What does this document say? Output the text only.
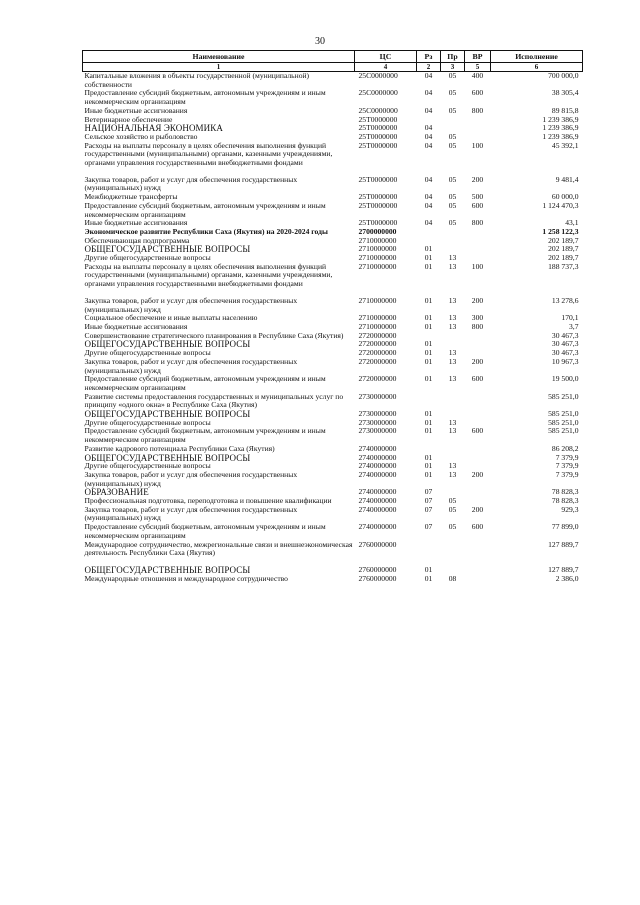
30
Наименование	ЦС	Рз	Пр	ВР	Исполнение
1	4	2	3	5	6
Капитальные вложения в объекты государственной (муниципальной) собственности	25С0000000	04	05	400	700 000,0
Предоставление субсидий бюджетным, автономным учреждениям и иным некоммерческим организациям	25С0000000	04	05	600	38 305,4
Иные бюджетные ассигнования	25С0000000	04	05	800	89 815,8
Ветеринарное обеспечение	25Т0000000				1 239 386,9
НАЦИОНАЛЬНАЯ ЭКОНОМИКА	25Т0000000	04			1 239 386,9
Сельское хозяйство и рыболовство	25Т0000000	04	05		1 239 386,9
Расходы на выплаты персоналу в целях обеспечения выполнения функций государственными (муниципальными) органами, казенными учреждениями, органами управления государственными внебюджетными фондами	25Т0000000	04	05	100	45 392,1

Закупка товаров, работ и услуг для обеспечения государственных (муниципальных) нужд	25Т0000000	04	05	200	9 481,4
Межбюджетные трансферты	25Т0000000	04	05	500	60 000,0
Предоставление субсидий бюджетным, автономным учреждениям и иным некоммерческим организациям	25Т0000000	04	05	600	1 124 470,3
Иные бюджетные ассигнования	25Т0000000	04	05	800	43,1
Экономическое развитие Республики Саха (Якутия) на 2020-2024 годы	2700000000				1 258 122,3
Обеспечивающая подпрограмма	2710000000				202 189,7
ОБЩЕГОСУДАРСТВЕННЫЕ ВОПРОСЫ	2710000000	01			202 189,7
Другие общегосударственные вопросы	2710000000	01	13		202 189,7
Расходы на выплаты персоналу в целях обеспечения выполнения функций государственными (муниципальными) органами, казенными учреждениями, органами управления государственными внебюджетными фондами	2710000000	01	13	100	188 737,3

Закупка товаров, работ и услуг для обеспечения государственных (муниципальных) нужд	2710000000	01	13	200	13 278,6
Социальное обеспечение и иные выплаты населению	2710000000	01	13	300	170,1
Иные бюджетные ассигнования	2710000000	01	13	800	3,7
Совершенствование стратегического планирования в Республике Саха (Якутия)	2720000000				30 467,3
ОБЩЕГОСУДАРСТВЕННЫЕ ВОПРОСЫ	2720000000	01			30 467,3
Другие общегосударственные вопросы	2720000000	01	13		30 467,3
Закупка товаров, работ и услуг для обеспечения государственных (муниципальных) нужд	2720000000	01	13	200	10 967,3
Предоставление субсидий бюджетным, автономным учреждениям и иным некоммерческим организациям	2720000000	01	13	600	19 500,0
Развитие системы предоставления государственных и муниципальных услуг по принципу «одного окна» в Республике Саха (Якутия)	2730000000				585 251,0
ОБЩЕГОСУДАРСТВЕННЫЕ ВОПРОСЫ	2730000000	01			585 251,0
Другие общегосударственные вопросы	2730000000	01	13		585 251,0
Предоставление субсидий бюджетным, автономным учреждениям и иным некоммерческим организациям	2730000000	01	13	600	585 251,0
Развитие кадрового потенциала Республики Саха (Якутия)	2740000000				86 208,2
ОБЩЕГОСУДАРСТВЕННЫЕ ВОПРОСЫ	2740000000	01			7 379,9
Другие общегосударственные вопросы	2740000000	01	13		7 379,9
Закупка товаров, работ и услуг для обеспечения государственных (муниципальных) нужд	2740000000	01	13	200	7 379,9
ОБРАЗОВАНИЕ	2740000000	07			78 828,3
Профессиональная подготовка, переподготовка и повышение квалификации	2740000000	07	05		78 828,3
Закупка товаров, работ и услуг для обеспечения государственных (муниципальных) нужд	2740000000	07	05	200	929,3
Предоставление субсидий бюджетным, автономным учреждениям и иным некоммерческим организациям	2740000000	07	05	600	77 899,0
Международное сотрудничество, межрегиональные связи и внешнеэкономическая деятельность Республики Саха (Якутия)	2760000000				127 889,7

ОБЩЕГОСУДАРСТВЕННЫЕ ВОПРОСЫ	2760000000	01			127 889,7
Международные отношения и международное сотрудничество	2760000000	01	08		2 386,0
